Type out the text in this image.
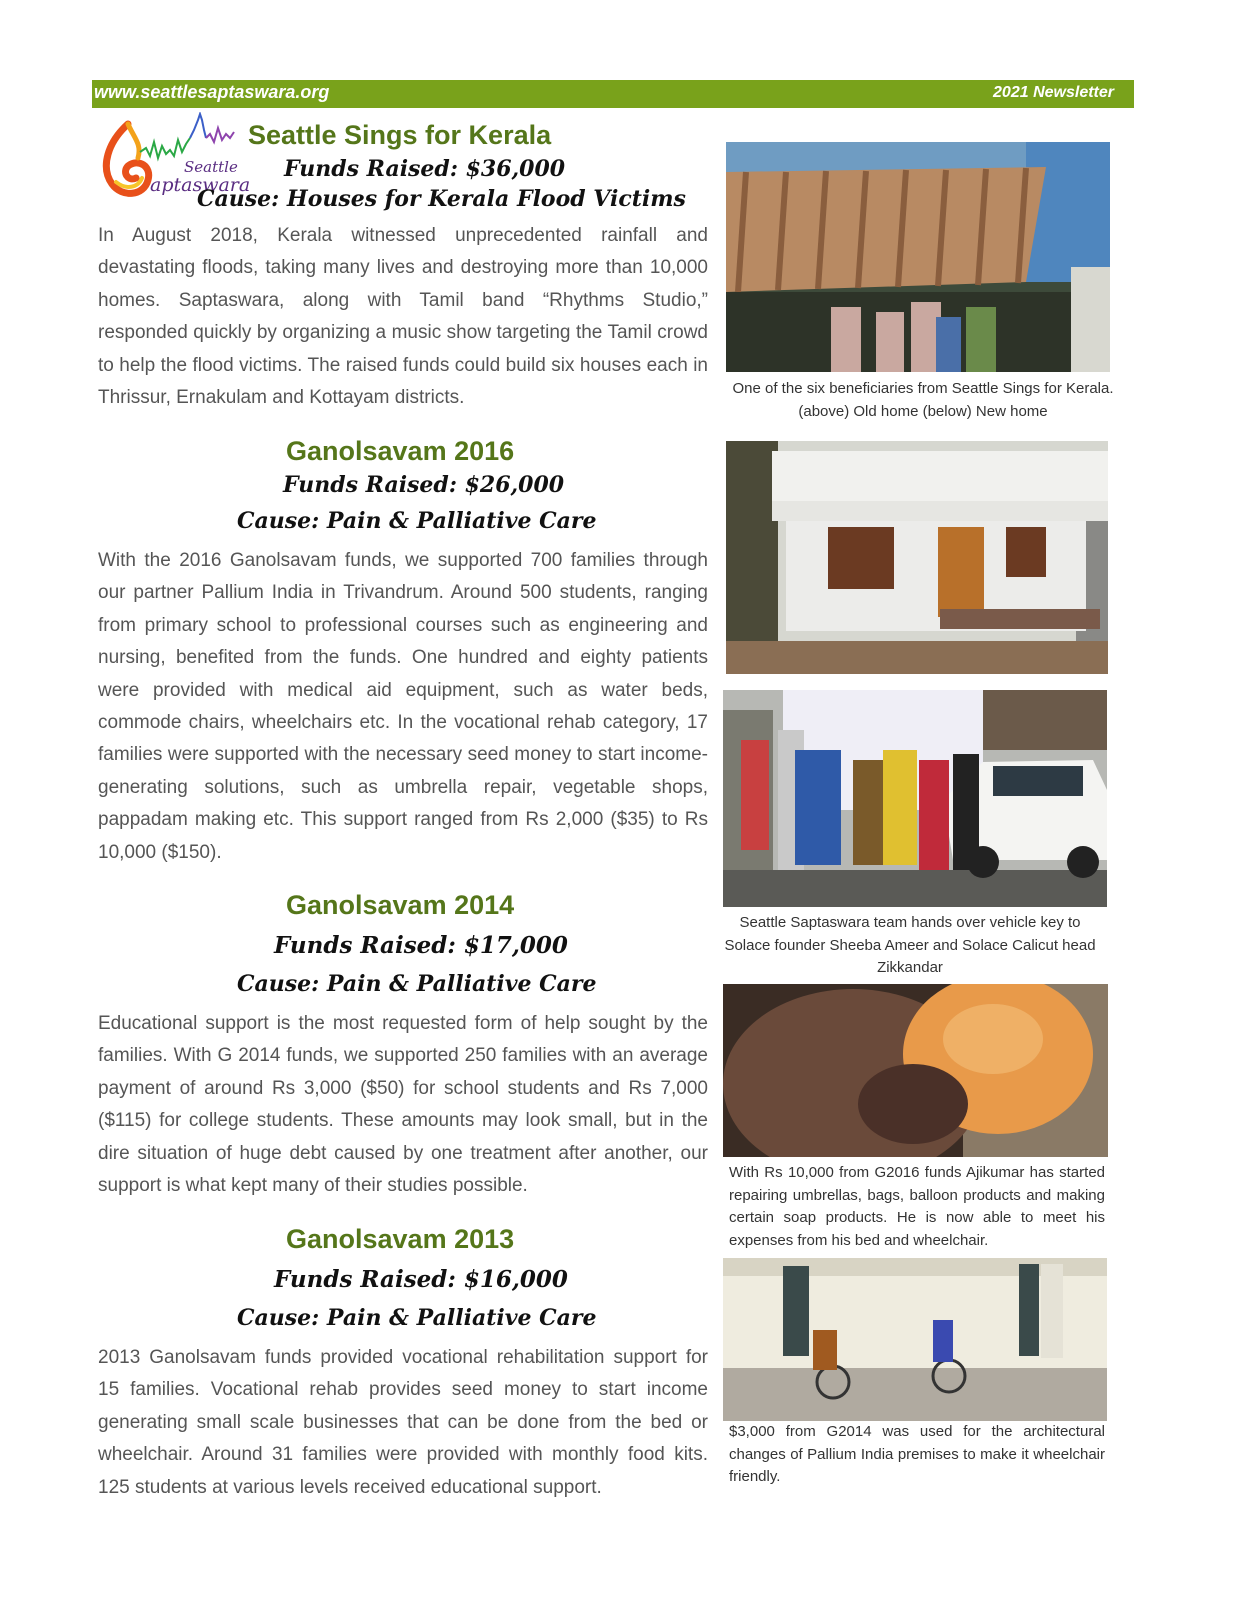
www.seattlesaptaswara.org	2021 Newsletter
Seattle
aptaswara
Seattle Sings for Kerala
Funds Raised: $36,000
Cause: Houses for Kerala Flood Victims

In August 2018, Kerala witnessed unprecedented rainfall and devastating floods, taking many lives and destroying more than 10,000 homes. Saptaswara, along with Tamil band “Rhythms Studio,” responded quickly by organizing a music show targeting the Tamil crowd to help the flood victims. The raised funds could build six houses each in Thrissur, Ernakulam and Kottayam districts.

Ganolsavam 2016
Funds Raised: $26,000
Cause: Pain & Palliative Care

With the 2016 Ganolsavam funds, we supported 700 families through our partner Pallium India in Trivandrum. Around 500 students, ranging from primary school to professional courses such as engineering and nursing, benefited from the funds. One hundred and eighty patients were provided with medical aid equipment, such as water beds, commode chairs, wheelchairs etc. In the vocational rehab category, 17 families were supported with the necessary seed money to start income-generating solutions, such as umbrella repair, vegetable shops, pappadam making etc. This support ranged from Rs 2,000 ($35) to Rs 10,000 ($150).

Ganolsavam 2014
Funds Raised: $17,000
Cause: Pain & Palliative Care

Educational support is the most requested form of help sought by the families. With G 2014 funds, we supported 250 families with an average payment of around Rs 3,000 ($50) for school students and Rs 7,000 ($115) for college students. These amounts may look small, but in the dire situation of huge debt caused by one treatment after another, our support is what kept many of their studies possible.

Ganolsavam 2013
Funds Raised: $16,000
Cause: Pain & Palliative Care

2013 Ganolsavam funds provided vocational rehabilitation support for 15 families. Vocational rehab provides seed money to start income generating small scale businesses that can be done from the bed or wheelchair. Around 31 families were provided with monthly food kits. 125 students at various levels received educational support.

One of the six beneficiaries from Seattle Sings for Kerala. (above) Old home (below) New home

Seattle Saptaswara team hands over vehicle key to Solace founder Sheeba Ameer and Solace Calicut head Zikkandar

With Rs 10,000 from G2016 funds Ajikumar has started repairing umbrellas, bags, balloon products and making certain soap products. He is now able to meet his expenses from his bed and wheelchair.

$3,000 from G2014 was used for the architectural changes of Pallium India premises to make it wheelchair friendly.
